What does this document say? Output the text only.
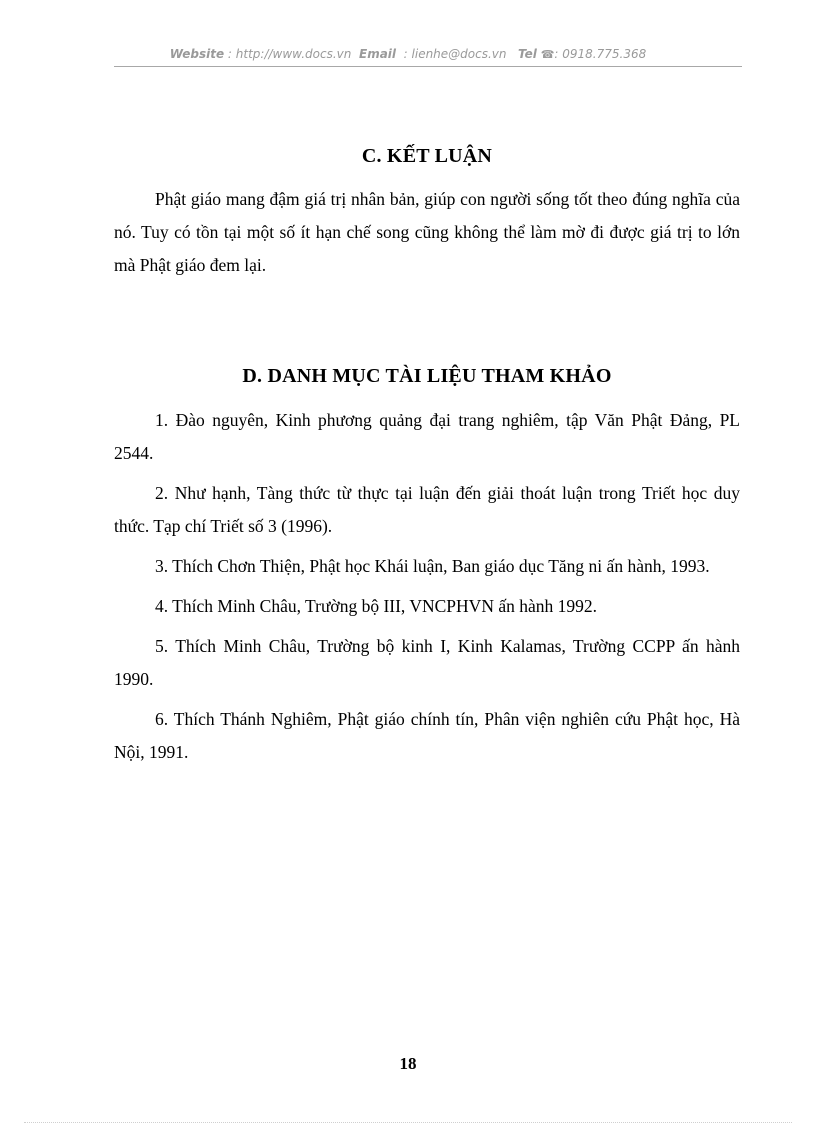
Website : http://www.docs.vn Email : lienhe@docs.vn Tel ☎: 0918.775.368
C. KẾT LUẬN

Phật giáo mang đậm giá trị nhân bản, giúp con người sống tốt theo đúng nghĩa của nó. Tuy có tồn tại một số ít hạn chế song cũng không thể làm mờ đi được giá trị to lớn mà Phật giáo đem lại.

D. DANH MỤC TÀI LIỆU THAM KHẢO
1. Đào nguyên, Kinh phương quảng đại trang nghiêm, tập Văn Phật Đảng, PL 2544.
2. Như hạnh, Tàng thức từ thực tại luận đến giải thoát luận trong Triết học duy thức. Tạp chí Triết số 3 (1996).
3. Thích Chơn Thiện, Phật học Khái luận, Ban giáo dục Tăng ni ấn hành, 1993.
4. Thích Minh Châu, Trường bộ III, VNCPHVN ấn hành 1992.
5. Thích Minh Châu, Trường bộ kinh I, Kinh Kalamas, Trường CCPP ấn hành 1990.
6. Thích Thánh Nghiêm, Phật giáo chính tín, Phân viện nghiên cứu Phật học, Hà Nội, 1991.
18
